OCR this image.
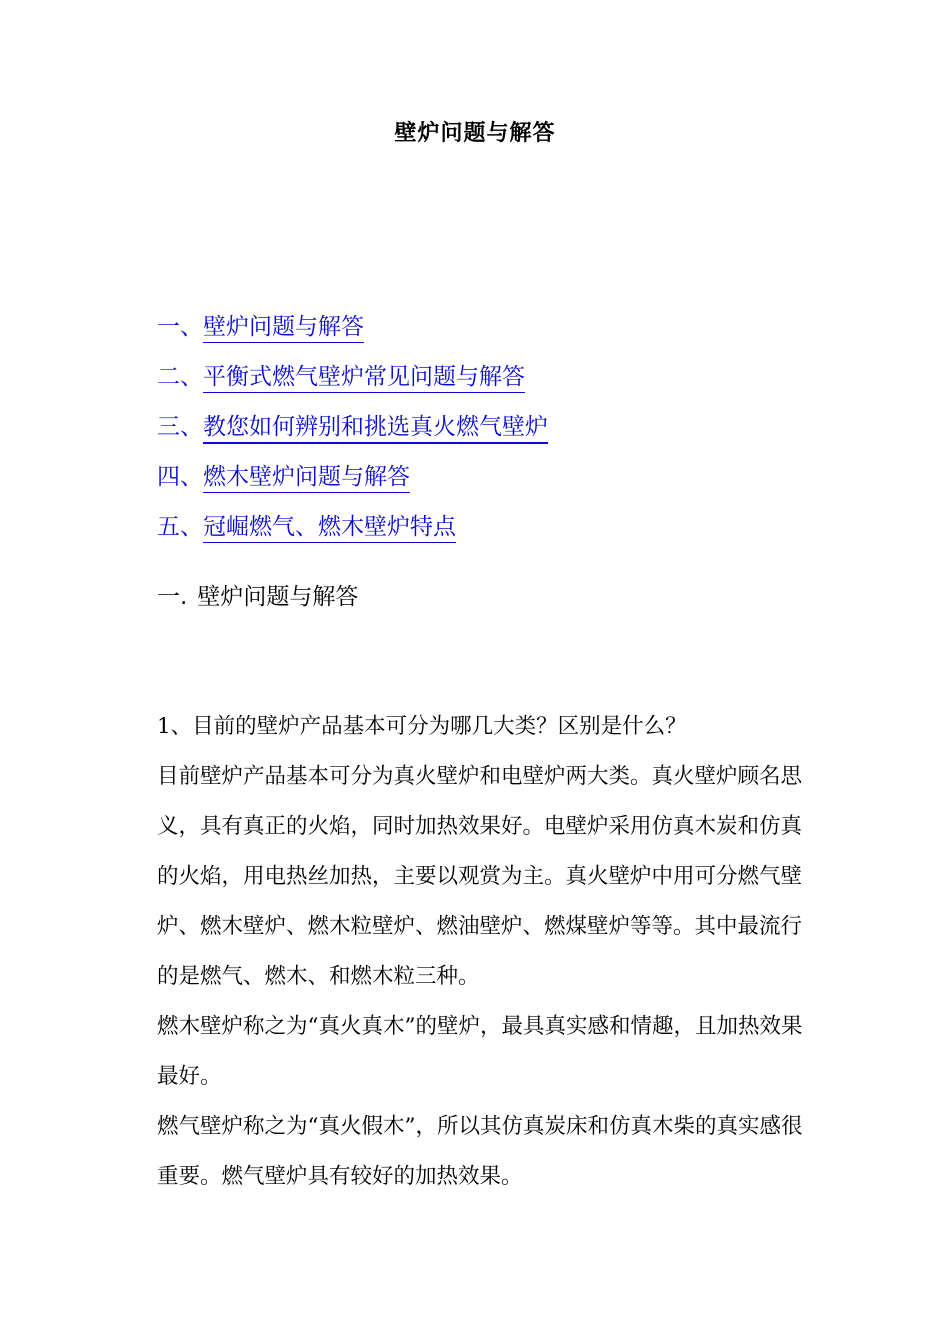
壁炉问题与解答
一、壁炉问题与解答
二、平衡式燃气壁炉常见问题与解答
三、教您如何辨别和挑选真火燃气壁炉
四、燃木壁炉问题与解答
五、冠崛燃气、燃木壁炉特点
一. 壁炉问题与解答

1、目前的壁炉产品基本可分为哪几大类？区别是什么？

目前壁炉产品基本可分为真火壁炉和电壁炉两大类。真火壁炉顾名思义，具有真正的火焰，同时加热效果好。电壁炉采用仿真木炭和仿真的火焰，用电热丝加热，主要以观赏为主。真火壁炉中用可分燃气壁炉、燃木壁炉、燃木粒壁炉、燃油壁炉、燃煤壁炉等等。其中最流行的是燃气、燃木、和燃木粒三种。

燃木壁炉称之为“真火真木”的壁炉，最具真实感和情趣，且加热效果最好。

燃气壁炉称之为“真火假木”，所以其仿真炭床和仿真木柴的真实感很重要。燃气壁炉具有较好的加热效果。
